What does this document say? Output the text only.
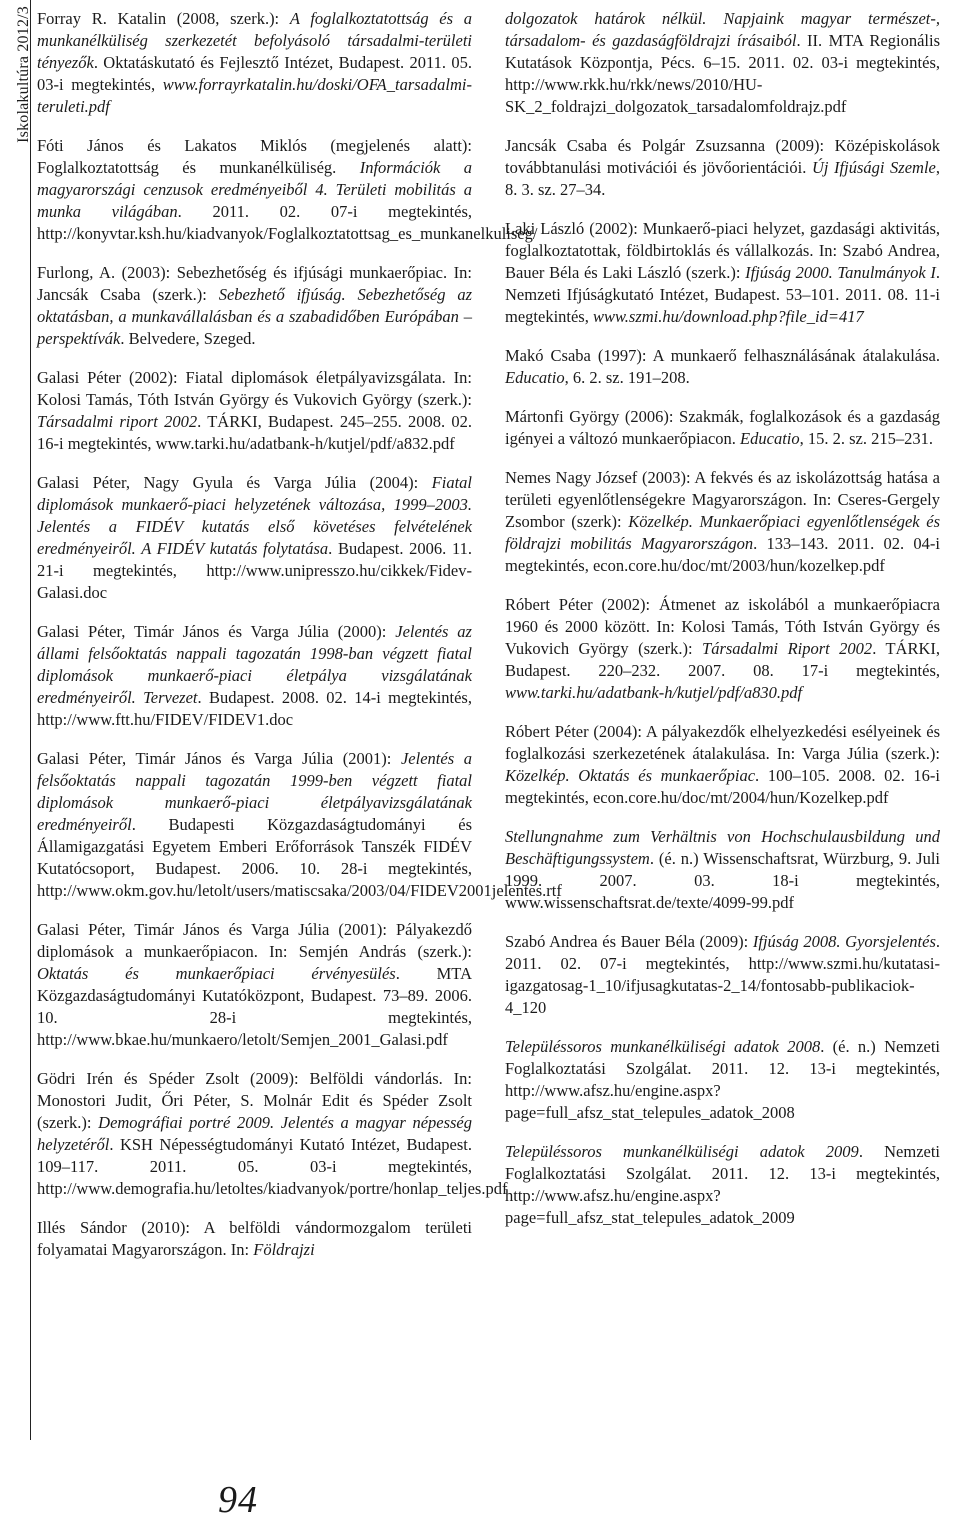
Iskolakultúra 2012/3 Forray R. Katalin (2008, szerk.): A foglalkoztatottság és a munkanélküliség szerkezetét befolyásoló társadalmi-területi tényezők. Oktatáskutató és Fejlesztő Intézet, Budapest. 2011. 05. 03-i megtekintés, www.forrayrkatalin.hu/doski/OFA_tarsadalmi-teruleti.pdf

Fóti János és Lakatos Miklós (megjelenés alatt): Foglalkoztatottság és munkanélküliség. Információk a magyarországi cenzusok eredményeiből 4. Területi mobilitás a munka világában. 2011. 02. 07-i megtekintés, http://konyvtar.ksh.hu/kiadvanyok/Foglalkoztatottsag_es_munkanelkuliseg/

Furlong, A. (2003): Sebezhetőség és ifjúsági munkaerőpiac. In: Jancsák Csaba (szerk.): Sebezhető ifjúság. Sebezhetőség az oktatásban, a munkavállalásban és a szabadidőben Európában – perspektívák. Belvedere, Szeged.

Galasi Péter (2002): Fiatal diplomások életpályavizsgálata. In: Kolosi Tamás, Tóth István György és Vukovich György (szerk.): Társadalmi riport 2002. TÁRKI, Budapest. 245–255. 2008. 02. 16-i megtekintés, www.tarki.hu/adatbank-h/kutjel/pdf/a832.pdf

Galasi Péter, Nagy Gyula és Varga Júlia (2004): Fiatal diplomások munkaerő-piaci helyzetének változása, 1999–2003. Jelentés a FIDÉV kutatás első követéses felvételének eredményeiről. A FIDÉV kutatás folytatása. Budapest. 2006. 11. 21-i megtekintés, http://www.unipresszo.hu/cikkek/Fidev-Galasi.doc

Galasi Péter, Timár János és Varga Júlia (2000): Jelentés az állami felsőoktatás nappali tagozatán 1998-ban végzett fiatal diplomások munkaerő-piaci életpálya vizsgálatának eredményeiről. Tervezet. Budapest. 2008. 02. 14-i megtekintés, http://www.ftt.hu/FIDEV/FIDEV1.doc

Galasi Péter, Timár János és Varga Júlia (2001): Jelentés a felsőoktatás nappali tagozatán 1999-ben végzett fiatal diplomások munkaerő-piaci életpályavizsgálatának eredményeiről. Budapesti Közgazdaságtudományi és Államigazgatási Egyetem Emberi Erőforrások Tanszék FIDÉV Kutatócsoport, Budapest. 2006. 10. 28-i megtekintés, http://www.okm.gov.hu/letolt/users/matiscsaka/2003/04/FIDEV2001jelentes.rtf

Galasi Péter, Timár János és Varga Júlia (2001): Pályakezdő diplomások a munkaerőpiacon. In: Semjén András (szerk.): Oktatás és munkaerőpiaci érvényesülés. MTA Közgazdaságtudományi Kutatóközpont, Budapest. 73–89. 2006. 10. 28-i megtekintés, http://www.bkae.hu/munkaero/letolt/Semjen_2001_Galasi.pdf

Gödri Irén és Spéder Zsolt (2009): Belföldi vándorlás. In: Monostori Judit, Őri Péter, S. Molnár Edit és Spéder Zsolt (szerk.): Demográfiai portré 2009. Jelentés a magyar népesség helyzetéről. KSH Népességtudományi Kutató Intézet, Budapest. 109–117. 2011. 05. 03-i megtekintés, http://www.demografia.hu/letoltes/kiadvanyok/portre/honlap_teljes.pdf

Illés Sándor (2010): A belföldi vándormozgalom területi folyamatai Magyarországon. In: Földrajzi

dolgozatok határok nélkül. Napjaink magyar természet-, társadalom- és gazdaságföldrajzi írásaiból. II. MTA Regionális Kutatások Központja, Pécs. 6–15. 2011. 02. 03-i megtekintés, http://www.rkk.hu/rkk/news/2010/HU-SK_2_foldrajzi_dolgozatok_tarsadalomfoldrajz.pdf

Jancsák Csaba és Polgár Zsuzsanna (2009): Középiskolások továbbtanulási motivációi és jövőorientációi. Új Ifjúsági Szemle, 8. 3. sz. 27–34.

Laki László (2002): Munkaerő-piaci helyzet, gazdasági aktivitás, foglalkoztatottak, földbirtoklás és vállalkozás. In: Szabó Andrea, Bauer Béla és Laki László (szerk.): Ifjúság 2000. Tanulmányok I. Nemzeti Ifjúságkutató Intézet, Budapest. 53–101. 2011. 08. 11-i megtekintés, www.szmi.hu/download.php?file_id=417

Makó Csaba (1997): A munkaerő felhasználásának átalakulása. Educatio, 6. 2. sz. 191–208.

Mártonfi György (2006): Szakmák, foglalkozások és a gazdaság igényei a változó munkaerőpiacon. Educatio, 15. 2. sz. 215–231.

Nemes Nagy József (2003): A fekvés és az iskolázottság hatása a területi egyenlőtlenségekre Magyarországon. In: Cseres-Gergely Zsombor (szerk): Közelkép. Munkaerőpiaci egyenlőtlenségek és földrajzi mobilitás Magyarországon. 133–143. 2011. 02. 04-i megtekintés, econ.core.hu/doc/mt/2003/hun/kozelkep.pdf

Róbert Péter (2002): Átmenet az iskolából a munkaerőpiacra 1960 és 2000 között. In: Kolosi Tamás, Tóth István György és Vukovich György (szerk.): Társadalmi Riport 2002. TÁRKI, Budapest. 220–232. 2007. 08. 17-i megtekintés, www.tarki.hu/adatbank-h/kutjel/pdf/a830.pdf

Róbert Péter (2004): A pályakezdők elhelyezkedési esélyeinek és foglalkozási szerkezetének átalakulása. In: Varga Júlia (szerk.): Közelkép. Oktatás és munkaerőpiac. 100–105. 2008. 02. 16-i megtekintés, econ.core.hu/doc/mt/2004/hun/Kozelkep.pdf

Stellungnahme zum Verhältnis von Hochschulausbildung und Beschäftigungssystem. (é. n.) Wissenschaftsrat, Würzburg, 9. Juli 1999. 2007. 03. 18-i megtekintés, www.wissenschaftsrat.de/texte/4099-99.pdf

Szabó Andrea és Bauer Béla (2009): Ifjúság 2008. Gyorsjelentés. 2011. 02. 07-i megtekintés, http://www.szmi.hu/kutatasi-igazgatosag-1_10/ifjusagkutatas-2_14/fontosabb-publikaciok-4_120

Településsoros munkanélküliségi adatok 2008. (é. n.) Nemzeti Foglalkoztatási Szolgálat. 2011. 12. 13-i megtekintés, http://www.afsz.hu/engine.aspx?page=full_afsz_stat_telepules_adatok_2008

Településsoros munkanélküliségi adatok 2009. Nemzeti Foglalkoztatási Szolgálat. 2011. 12. 13-i megtekintés, http://www.afsz.hu/engine.aspx?page=full_afsz_stat_telepules_adatok_2009

94
